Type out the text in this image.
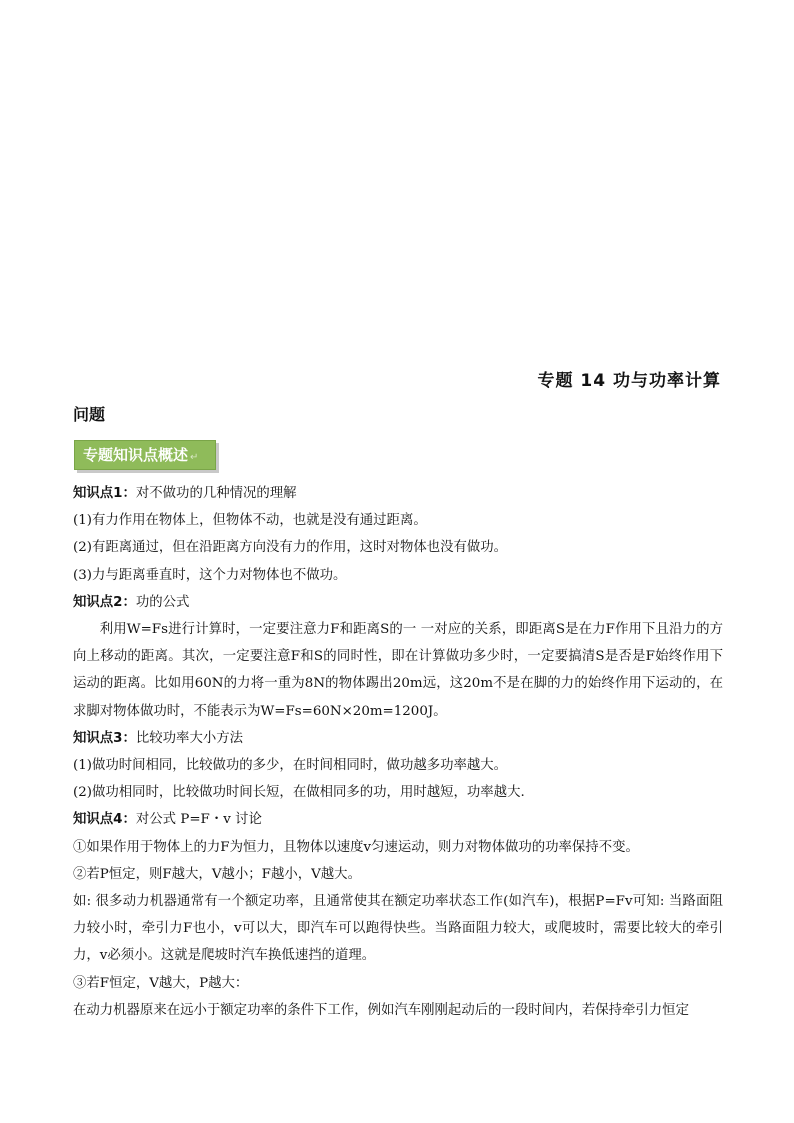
专题 14 功与功率计算
问题
专题知识点概述 ↵

知识点1：对不做功的几种情况的理解

(1)有力作用在物体上，但物体不动，也就是没有通过距离。

(2)有距离通过，但在沿距离方向没有力的作用，这时对物体也没有做功。

(3)力与距离垂直时，这个力对物体也不做功。

知识点2：功的公式

利用W=Fs进行计算时，一定要注意力F和距离S的一 一对应的关系，即距离S是在力F作用下且沿力的方向上移动的距离。其次，一定要注意F和S的同时性，即在计算做功多少时，一定要搞清S是否是F始终作用下运动的距离。比如用60N的力将一重为8N的物体踢出20m远，这20m不是在脚的力的始终作用下运动的，在求脚对物体做功时，不能表示为W=Fs=60N×20m=1200J。

知识点3：比较功率大小方法

(1)做功时间相同，比较做功的多少，在时间相同时，做功越多功率越大。

(2)做功相同时，比较做功时间长短，在做相同多的功，用时越短，功率越大.

知识点4：对公式 P=F・v 讨论

①如果作用于物体上的力F为恒力，且物体以速度v匀速运动，则力对物体做功的功率保持不变。

②若P恒定，则F越大，V越小；F越小，V越大。

如: 很多动力机器通常有一个额定功率，且通常使其在额定功率状态工作(如汽车)，根据P=Fv可知: 当路面阻力较小时，牵引力F也小，v可以大，即汽车可以跑得快些。当路面阻力较大，或爬坡时，需要比较大的牵引力，v必须小。这就是爬坡时汽车换低速挡的道理。

③若F恒定，V越大，P越大：

在动力机器原来在远小于额定功率的条件下工作，例如汽车刚刚起动后的一段时间内，若保持牵引力恒定
